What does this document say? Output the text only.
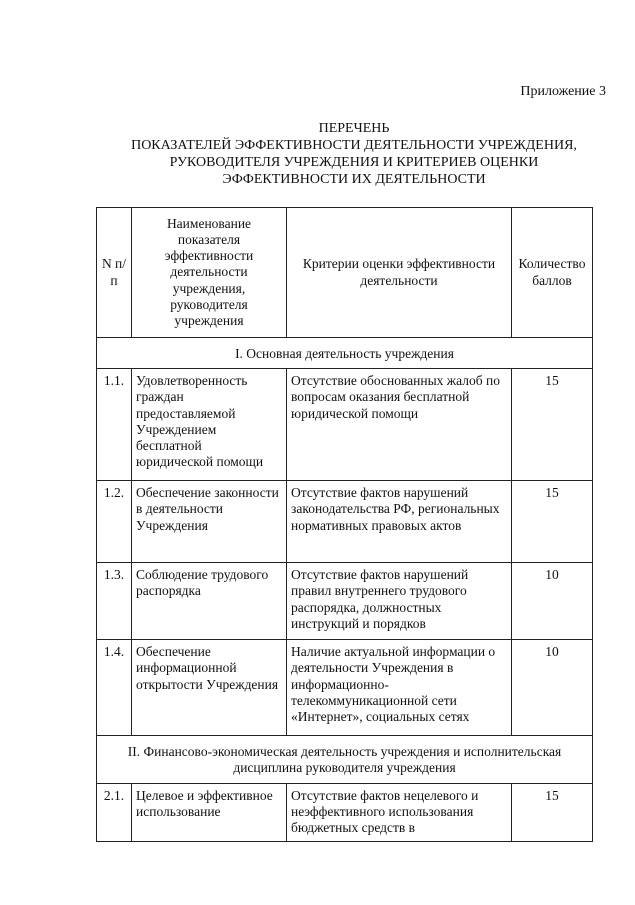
Приложение 3
ПЕРЕЧЕНЬ
ПОКАЗАТЕЛЕЙ ЭФФЕКТИВНОСТИ ДЕЯТЕЛЬНОСТИ УЧРЕЖДЕНИЯ,
РУКОВОДИТЕЛЯ УЧРЕЖДЕНИЯ И КРИТЕРИЕВ ОЦЕНКИ
ЭФФЕКТИВНОСТИ ИХ ДЕЯТЕЛЬНОСТИ
N п/п	Наименование показателя эффективности деятельности учреждения, руководителя учреждения	Критерии оценки эффективности деятельности	Количество баллов
I. Основная деятельность учреждения			
1.1.	Удовлетворенность граждан предоставляемой Учреждением бесплатной юридической помощи	Отсутствие обоснованных жалоб по вопросам оказания бесплатной юридической помощи	15
1.2.	Обеспечение законности в деятельности Учреждения	Отсутствие фактов нарушений законодательства РФ, региональных нормативных правовых актов	15
1.3.	Соблюдение трудового распорядка	Отсутствие фактов нарушений правил внутреннего трудового распорядка, должностных инструкций и порядков	10
1.4.	Обеспечение информационной открытости Учреждения	Наличие актуальной информации о деятельности Учреждения в информационно-телекоммуникационной сети «Интернет», социальных сетях	10
II. Финансово-экономическая деятельность учреждения и исполнительская дисциплина руководителя учреждения			
2.1.	Целевое и эффективное использование	Отсутствие фактов нецелевого и неэффективного использования бюджетных средств в	15
